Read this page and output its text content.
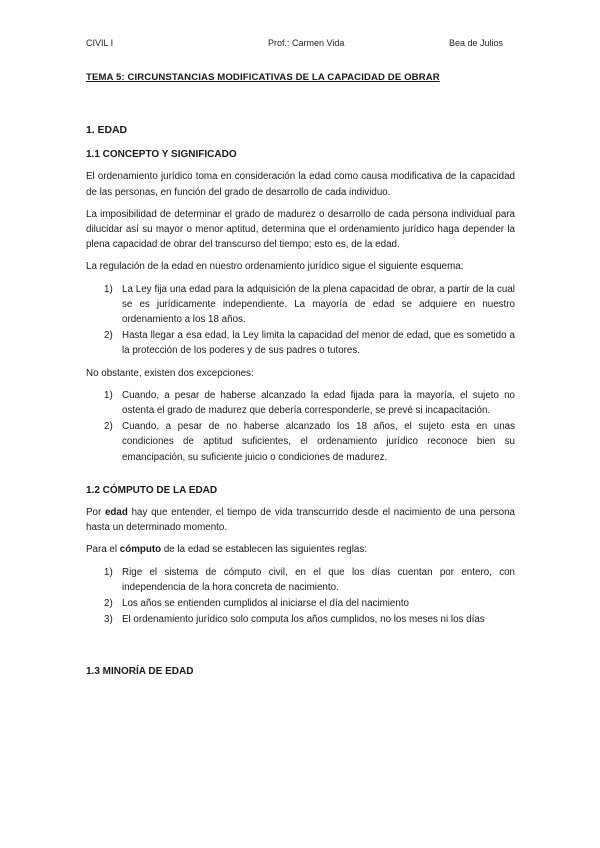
CIVIL I	Prof.: Carmen Vida	Bea de Julios
TEMA 5: CIRCUNSTANCIAS MODIFICATIVAS DE LA CAPACIDAD DE OBRAR
1. EDAD
1.1 CONCEPTO Y SIGNIFICADO
El ordenamiento jurídico toma en consideración la edad como causa modificativa de la capacidad de las personas, en función del grado de desarrollo de cada individuo.
La imposibilidad de determinar el grado de madurez o desarrollo de cada persona individual para dilucidar así su mayor o menor aptitud, determina que el ordenamiento jurídico haga depender la plena capacidad de obrar del transcurso del tiempo; esto es, de la edad.
La regulación de la edad en nuestro ordenamiento jurídico sigue el siguiente esquema:
1) La Ley fija una edad para la adquisición de la plena capacidad de obrar, a partir de la cual se es jurídicamente independiente. La mayoría de edad se adquiere en nuestro ordenamiento a los 18 años.
2) Hasta llegar a esa edad, la Ley limita la capacidad del menor de edad, que es sometido a la protección de los poderes y de sus padres o tutores.
No obstante, existen dos excepciones:
1) Cuando, a pesar de haberse alcanzado la edad fijada para la mayoría, el sujeto no ostenta el grado de madurez que debería corresponderle, se prevé si incapacitación.
2) Cuando, a pesar de no haberse alcanzado los 18 años, el sujeto esta en unas condiciones de aptitud suficientes, el ordenamiento jurídico reconoce bien su emancipación, su suficiente juicio o condiciones de madurez.
1.2 CÓMPUTO DE LA EDAD
Por edad hay que entender, el tiempo de vida transcurrido desde el nacimiento de una persona hasta un determinado momento.
Para el cómputo de la edad se establecen las siguientes reglas:
1) Rige el sistema de cómputo civil, en el que los días cuentan por entero, con independencia de la hora concreta de nacimiento.
2) Los años se entienden cumplidos al iniciarse el día del nacimiento
3) El ordenamiento jurídico solo computa los años cumplidos, no los meses ni los días
1.3 MINORÍA DE EDAD
